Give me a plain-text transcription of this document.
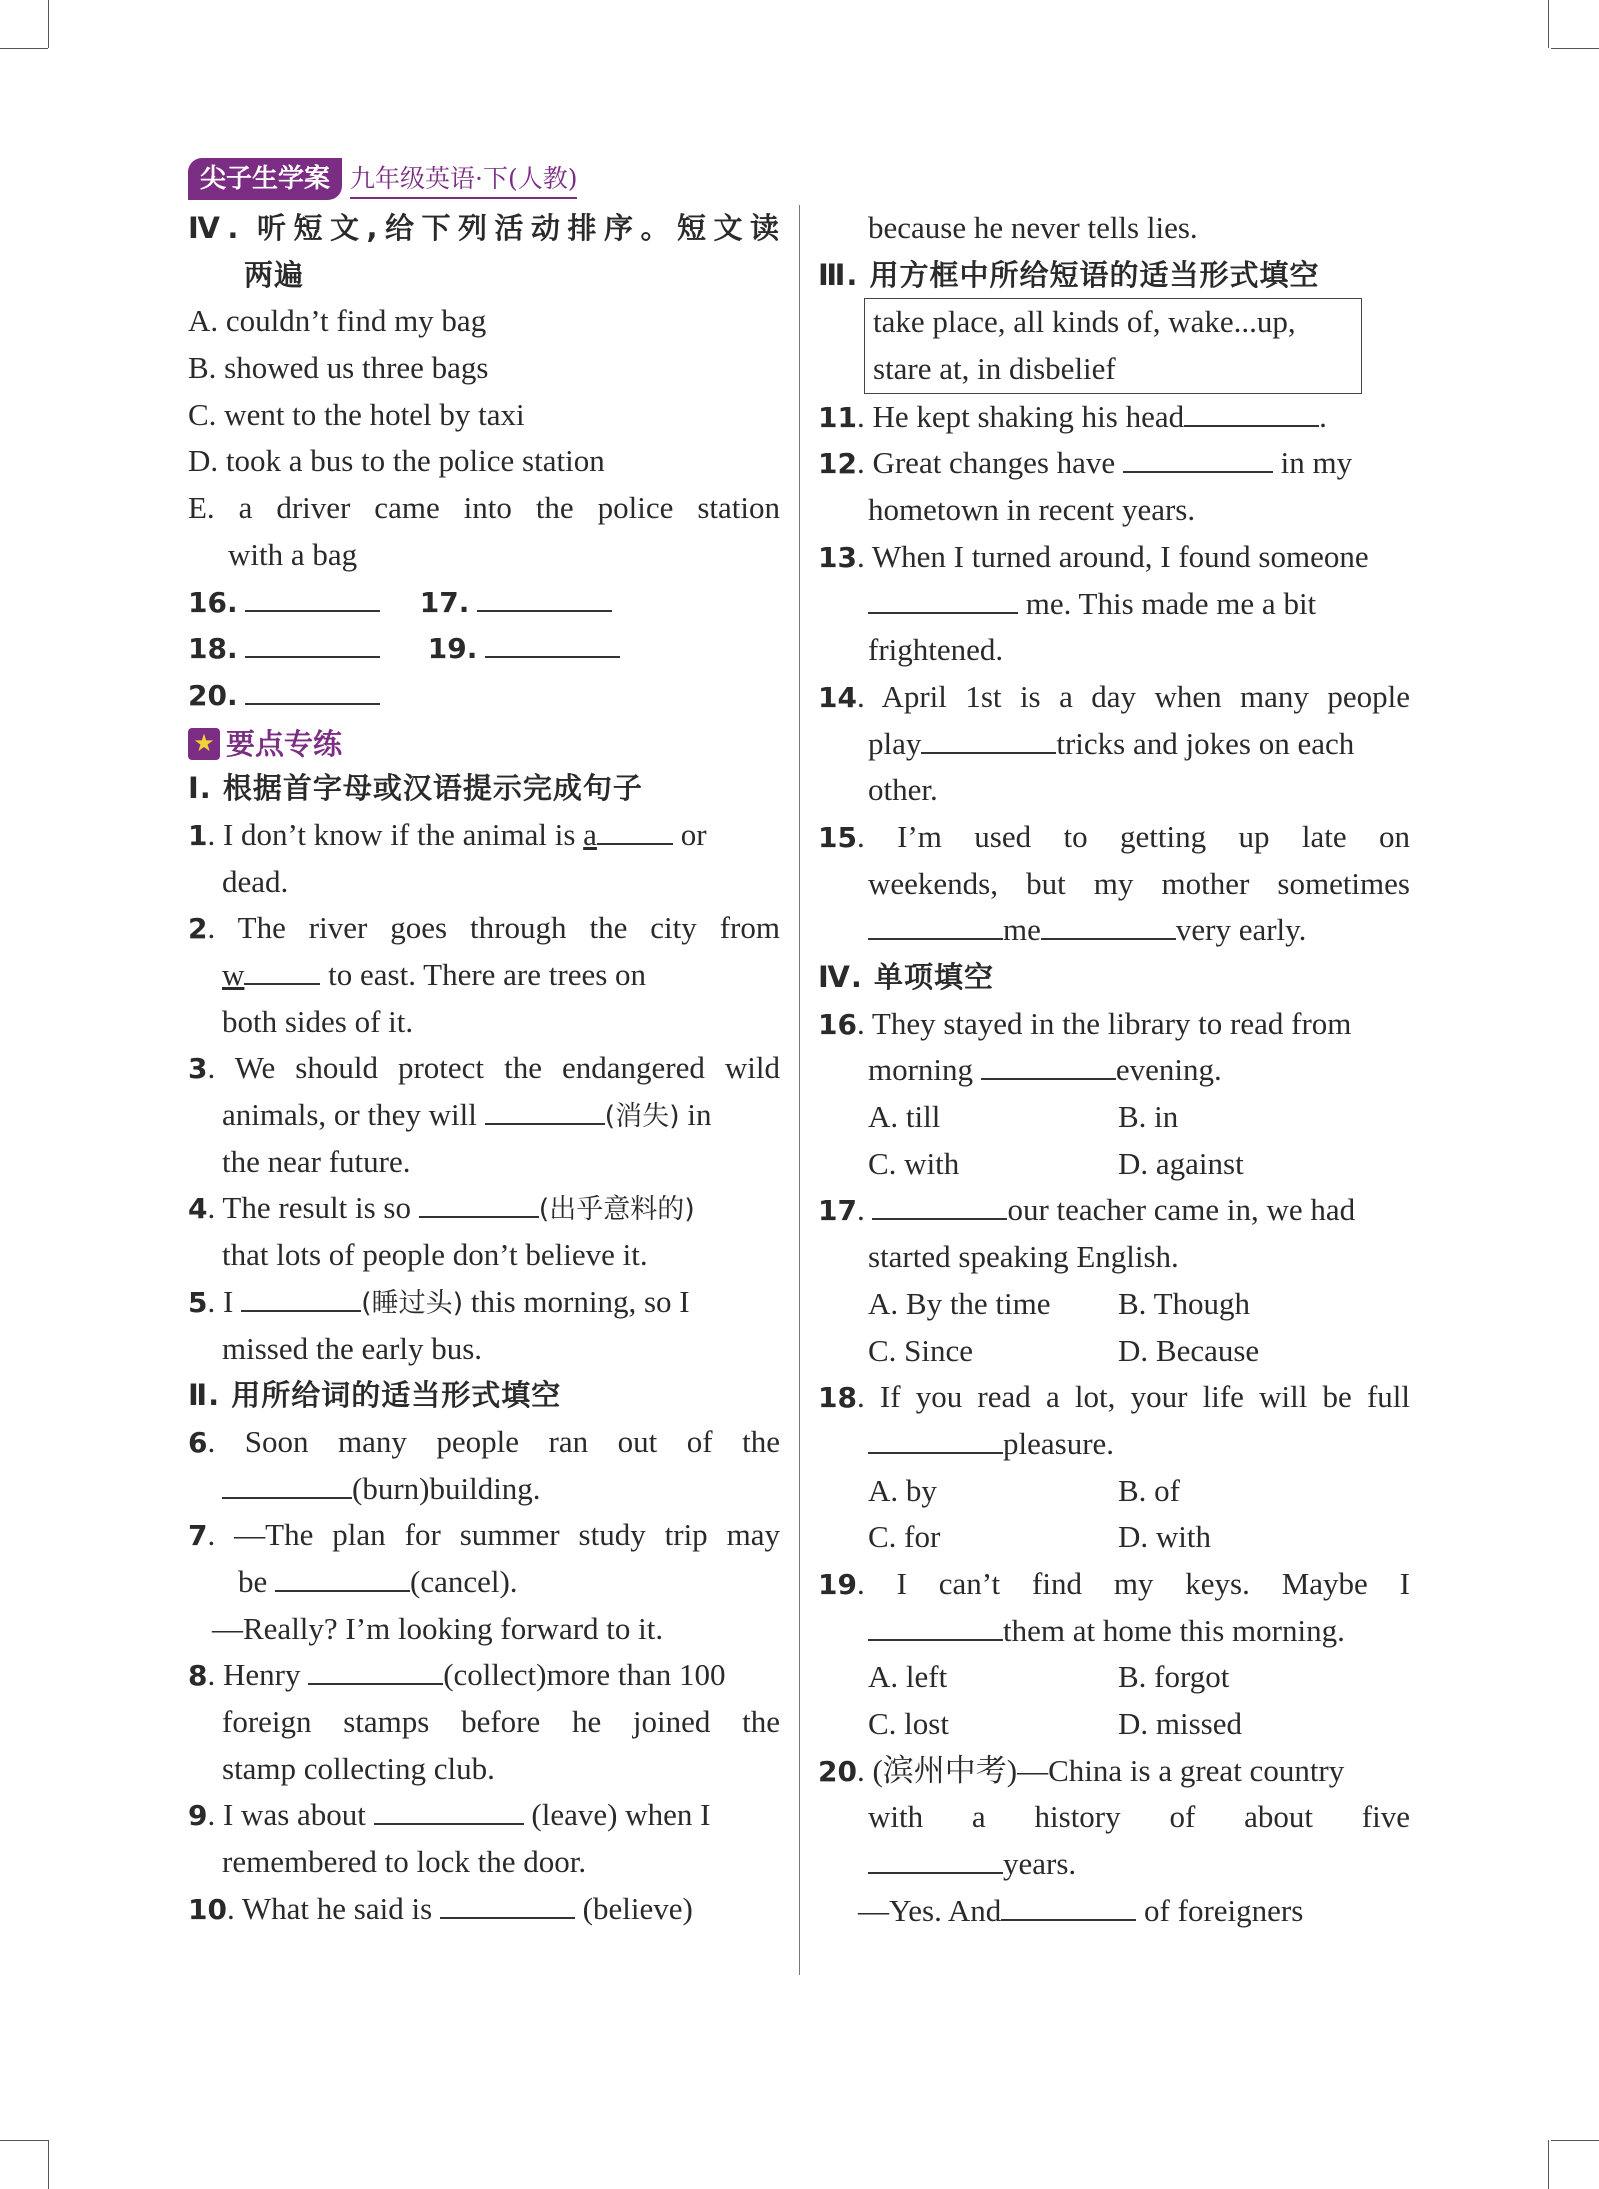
尖子生学案 九年级英语·下(人教)
Ⅳ. 听短文,给下列活动排序。短文读
两遍
A. couldn’t find my bag
B. showed us three bags
C. went to the hotel by taxi
D. took a bus to the police station
E. a driver came into the police station
with a bag
16.	17.
18.	19.
20.
★ 要点专练
Ⅰ. 根据首字母或汉语提示完成句子
1. I don’t know if the animal is a or
dead.
2. The river goes through the city from
w to east. There are trees on
both sides of it.
3. We should protect the endangered wild
animals, or they will	(消失) in
the near future.
4. The result is so	(出乎意料的)
that lots of people don’t believe it.
5. I	(睡过头) this morning, so I
missed the early bus.
Ⅱ. 用所给词的适当形式填空
6. Soon many people ran out of the
(burn)building.
7. —The plan for summer study trip may
be	(cancel).
—Really? I’m looking forward to it.
8. Henry	(collect)more than 100
foreign stamps before he joined the
stamp collecting club.
9. I was about	(leave) when I
remembered to lock the door.
10. What he said is	(believe)
because he never tells lies.
Ⅲ. 用方框中所给短语的适当形式填空
take place, all kinds of, wake...up,
stare at, in disbelief
11. He kept shaking his head	.
12. Great changes have	in my
hometown in recent years.
13. When I turned around, I found someone
me. This made me a bit
frightened.
14. April 1st is a day when many people
play	tricks and jokes on each
other.
15. I’m used to getting up late on
weekends, but my mother sometimes
me	very early.
Ⅳ. 单项填空
16. They stayed in the library to read from
morning	evening.
A. till	B. in
C. with	D. against
17.	our teacher came in, we had
started speaking English.
A. By the time	B. Though
C. Since	D. Because
18. If you read a lot, your life will be full
pleasure.
A. by	B. of
C. for	D. with
19. I can’t find my keys. Maybe I
them at home this morning.
A. left	B. forgot
C. lost	D. missed
20. (滨州中考)—China is a great country
with a history of about five
years.
—Yes. And	of foreigners
